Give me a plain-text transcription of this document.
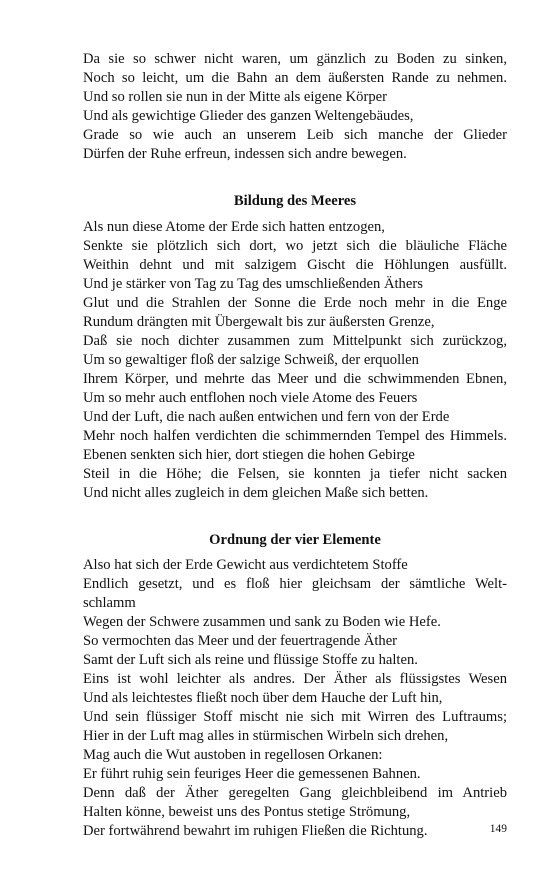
Da sie so schwer nicht waren, um gänzlich zu Boden zu sinken,
Noch so leicht, um die Bahn an dem äußersten Rande zu nehmen.
Und so rollen sie nun in der Mitte als eigene Körper
Und als gewichtige Glieder des ganzen Weltengebäudes,
Grade so wie auch an unserem Leib sich manche der Glieder
Dürfen der Ruhe erfreun, indessen sich andre bewegen.
Bildung des Meeres
Als nun diese Atome der Erde sich hatten entzogen,
Senkte sie plötzlich sich dort, wo jetzt sich die bläuliche Fläche
Weithin dehnt und mit salzigem Gischt die Höhlungen ausfüllt.
Und je stärker von Tag zu Tag des umschließenden Äthers
Glut und die Strahlen der Sonne die Erde noch mehr in die Enge
Rundum drängten mit Übergewalt bis zur äußersten Grenze,
Daß sie noch dichter zusammen zum Mittelpunkt sich zurückzog,
Um so gewaltiger floß der salzige Schweiß, der erquollen
Ihrem Körper, und mehrte das Meer und die schwimmenden Ebnen,
Um so mehr auch entflohen noch viele Atome des Feuers
Und der Luft, die nach außen entwichen und fern von der Erde
Mehr noch halfen verdichten die schimmernden Tempel des Himmels.
Ebenen senkten sich hier, dort stiegen die hohen Gebirge
Steil in die Höhe; die Felsen, sie konnten ja tiefer nicht sacken
Und nicht alles zugleich in dem gleichen Maße sich betten.
Ordnung der vier Elemente
Also hat sich der Erde Gewicht aus verdichtetem Stoffe
Endlich gesetzt, und es floß hier gleichsam der sämtliche Welt-
schlamm
Wegen der Schwere zusammen und sank zu Boden wie Hefe.
So vermochten das Meer und der feuertragende Äther
Samt der Luft sich als reine und flüssige Stoffe zu halten.
Eins ist wohl leichter als andres. Der Äther als flüssigstes Wesen
Und als leichtestes fließt noch über dem Hauche der Luft hin,
Und sein flüssiger Stoff mischt nie sich mit Wirren des Luftraums;
Hier in der Luft mag alles in stürmischen Wirbeln sich drehen,
Mag auch die Wut austoben in regellosen Orkanen:
Er führt ruhig sein feuriges Heer die gemessenen Bahnen.
Denn daß der Äther geregelten Gang gleichbleibend im Antrieb
Halten könne, beweist uns des Pontus stetige Strömung,
Der fortwährend bewahrt im ruhigen Fließen die Richtung.	149
